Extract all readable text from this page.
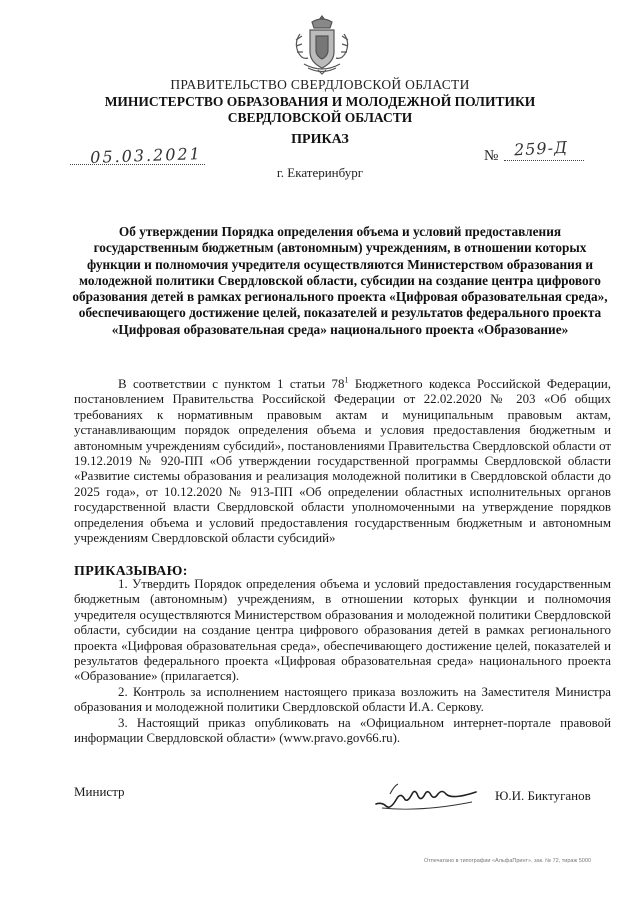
ПРАВИТЕЛЬСТВО СВЕРДЛОВСКОЙ ОБЛАСТИ
МИНИСТЕРСТВО ОБРАЗОВАНИЯ И МОЛОДЕЖНОЙ ПОЛИТИКИ
СВЕРДЛОВСКОЙ ОБЛАСТИ
ПРИКАЗ
05.03.2021	№ 259-Д
г. Екатеринбург
Об утверждении Порядка определения объема и условий предоставления государственным бюджетным (автономным) учреждениям, в отношении которых функции и полномочия учредителя осуществляются Министерством образования и молодежной политики Свердловской области, субсидии на создание центра цифрового образования детей в рамках регионального проекта «Цифровая образовательная среда», обеспечивающего достижение целей, показателей и результатов федерального проекта «Цифровая образовательная среда» национального проекта «Образование»

В соответствии с пунктом 1 статьи $78^1$ Бюджетного кодекса Российской Федерации, постановлением Правительства Российской Федерации от 22.02.2020 № 203 «Об общих требованиях к нормативным правовым актам и муниципальным правовым актам, устанавливающим порядок определения объема и условия предоставления бюджетным и автономным учреждениям субсидий», постановлениями Правительства Свердловской области от 19.12.2019 № 920-ПП «Об утверждении государственной программы Свердловской области «Развитие системы образования и реализация молодежной политики в Свердловской области до 2025 года», от 10.12.2020 № 913-ПП «Об определении областных исполнительных органов государственной власти Свердловской области уполномоченными на утверждение порядков определения объема и условий предоставления государственным бюджетным и автономным учреждениям Свердловской области субсидий»

ПРИКАЗЫВАЮ:

1. Утвердить Порядок определения объема и условий предоставления государственным бюджетным (автономным) учреждениям, в отношении которых функции и полномочия учредителя осуществляются Министерством образования и молодежной политики Свердловской области, субсидии на создание центра цифрового образования детей в рамках регионального проекта «Цифровая образовательная среда», обеспечивающего достижение целей, показателей и результатов федерального проекта «Цифровая образовательная среда» национального проекта «Образование» (прилагается).

2. Контроль за исполнением настоящего приказа возложить на Заместителя Министра образования и молодежной политики Свердловской области И.А. Серкову.

3. Настоящий приказ опубликовать на «Официальном интернет-портале правовой информации Свердловской области» (www.pravo.gov66.ru).

Министр	Ю.И. Биктуганов
Отпечатано в типографии «АльфаПринт», зак. № 72, тираж 5000
